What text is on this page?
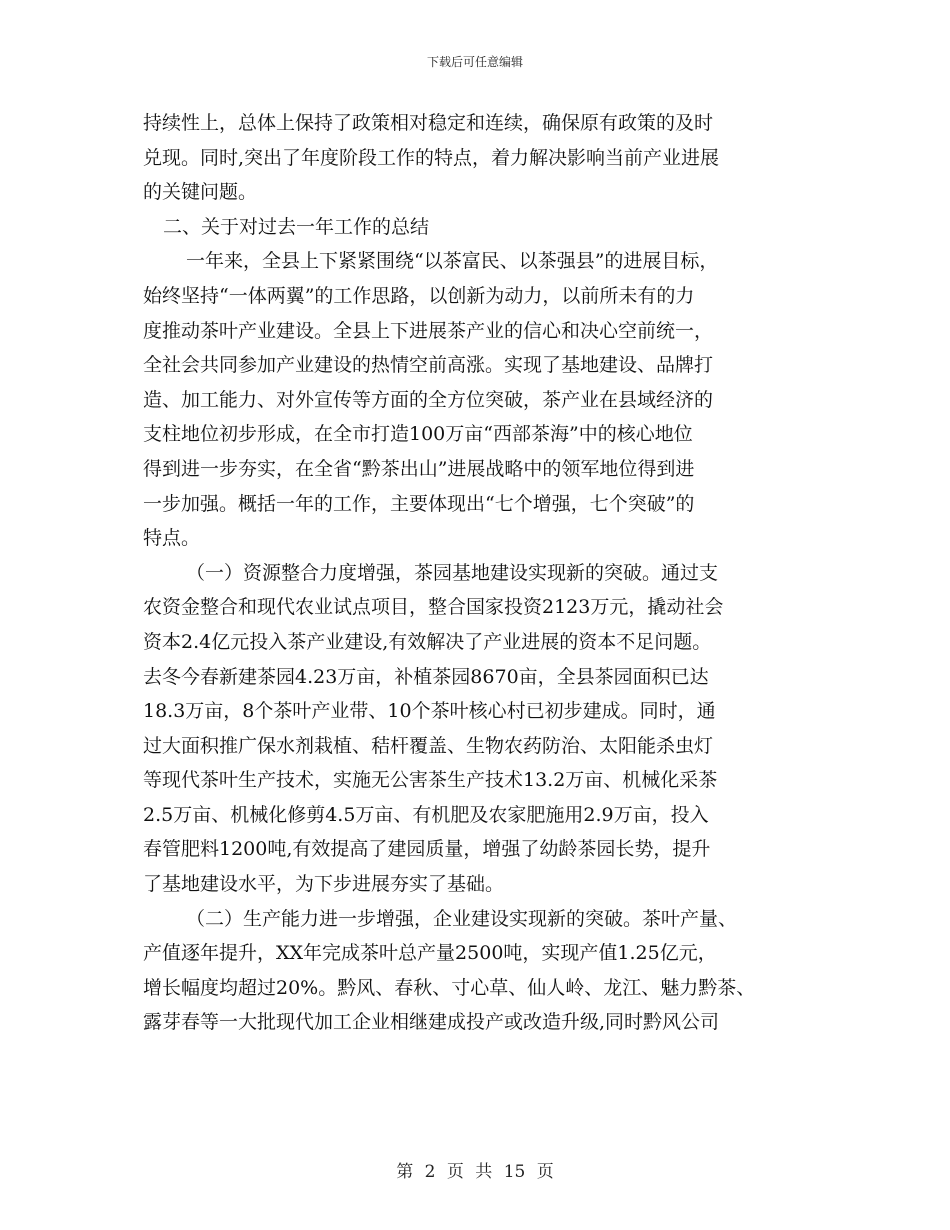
下载后可任意编辑
持续性上，总体上保持了政策相对稳定和连续，确保原有政策的及时
兑现。同时,突出了年度阶段工作的特点，着力解决影响当前产业进展
的关键问题。
二、关于对过去一年工作的总结
一年来，全县上下紧紧围绕“以茶富民、以茶强县”的进展目标，
始终坚持“一体两翼”的工作思路，以创新为动力，以前所未有的力
度推动茶叶产业建设。全县上下进展茶产业的信心和决心空前统一，
全社会共同参加产业建设的热情空前高涨。实现了基地建设、品牌打
造、加工能力、对外宣传等方面的全方位突破，茶产业在县域经济的
支柱地位初步形成，在全市打造100万亩“西部茶海”中的核心地位
得到进一步夯实，在全省“黔茶出山”进展战略中的领军地位得到进
一步加强。概括一年的工作，主要体现出“七个增强，七个突破”的
特点。
（一）资源整合力度增强，茶园基地建设实现新的突破。通过支
农资金整合和现代农业试点项目，整合国家投资2123万元，撬动社会
资本2.4亿元投入茶产业建设,有效解决了产业进展的资本不足问题。
去冬今春新建茶园4.23万亩，补植茶园8670亩，全县茶园面积已达
18.3万亩，8个茶叶产业带、10个茶叶核心村已初步建成。同时，通
过大面积推广保水剂栽植、秸杆覆盖、生物农药防治、太阳能杀虫灯
等现代茶叶生产技术，实施无公害茶生产技术13.2万亩、机械化采茶
2.5万亩、机械化修剪4.5万亩、有机肥及农家肥施用2.9万亩，投入
春管肥料1200吨,有效提高了建园质量，增强了幼龄茶园长势，提升
了基地建设水平，为下步进展夯实了基础。
（二）生产能力进一步增强，企业建设实现新的突破。茶叶产量、
产值逐年提升，XX年完成茶叶总产量2500吨，实现产值1.25亿元，
增长幅度均超过20%。黔风、春秋、寸心草、仙人岭、龙江、魅力黔茶、
露芽春等一大批现代加工企业相继建成投产或改造升级,同时黔风公司
第 2 页 共 15 页
